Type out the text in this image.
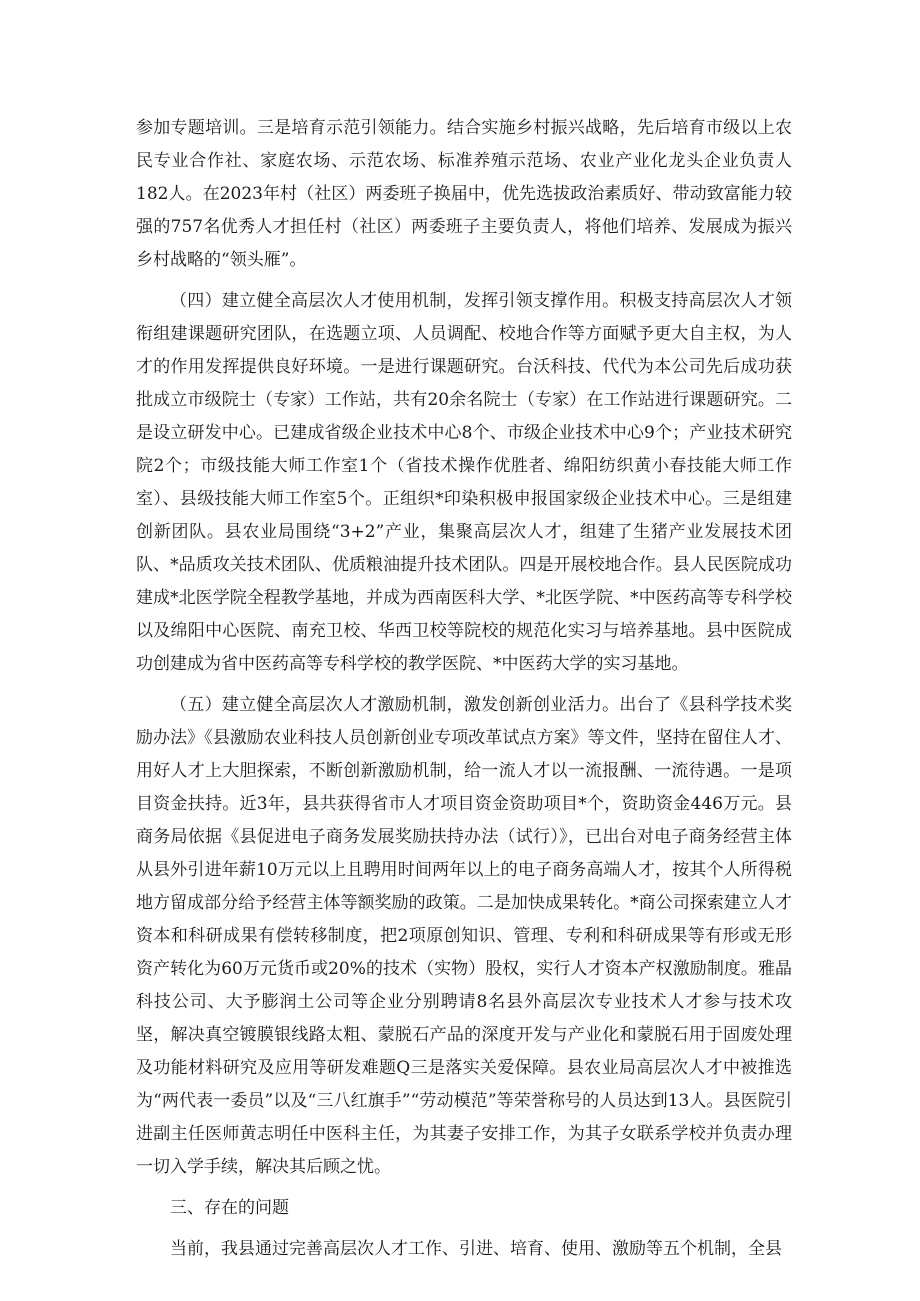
参加专题培训。三是培育示范引领能力。结合实施乡村振兴战略，先后培育市级以上农民专业合作社、家庭农场、示范农场、标准养殖示范场、农业产业化龙头企业负责人182人。在2023年村（社区）两委班子换届中，优先选拔政治素质好、带动致富能力较强的757名优秀人才担任村（社区）两委班子主要负责人，将他们培养、发展成为振兴乡村战略的“领头雁”。

（四）建立健全高层次人才使用机制，发挥引领支撑作用。积极支持高层次人才领衔组建课题研究团队，在选题立项、人员调配、校地合作等方面赋予更大自主权，为人才的作用发挥提供良好环境。一是进行课题研究。台沃科技、代代为本公司先后成功获批成立市级院士（专家）工作站，共有20余名院士（专家）在工作站进行课题研究。二是设立研发中心。已建成省级企业技术中心8个、市级企业技术中心9个；产业技术研究院2个；市级技能大师工作室1个（省技术操作优胜者、绵阳纺织黄小春技能大师工作室）、县级技能大师工作室5个。正组织*印染积极申报国家级企业技术中心。三是组建创新团队。县农业局围绕“3+2”产业，集聚高层次人才，组建了生猪产业发展技术团队、*品质攻关技术团队、优质粮油提升技术团队。四是开展校地合作。县人民医院成功建成*北医学院全程教学基地，并成为西南医科大学、*北医学院、*中医药高等专科学校以及绵阳中心医院、南充卫校、华西卫校等院校的规范化实习与培养基地。县中医院成功创建成为省中医药高等专科学校的教学医院、*中医药大学的实习基地。

（五）建立健全高层次人才激励机制，激发创新创业活力。出台了《县科学技术奖励办法》《县激励农业科技人员创新创业专项改革试点方案》等文件，坚持在留住人才、用好人才上大胆探索，不断创新激励机制，给一流人才以一流报酬、一流待遇。一是项目资金扶持。近3年，县共获得省市人才项目资金资助项目*个，资助资金446万元。县商务局依据《县促进电子商务发展奖励扶持办法（试行）》，已出台对电子商务经营主体从县外引进年薪10万元以上且聘用时间两年以上的电子商务高端人才，按其个人所得税地方留成部分给予经营主体等额奖励的政策。二是加快成果转化。*商公司探索建立人才资本和科研成果有偿转移制度，把2项原创知识、管理、专利和科研成果等有形或无形资产转化为60万元货币或20%的技术（实物）股权，实行人才资本产权激励制度。雅晶科技公司、大予膨润土公司等企业分别聘请8名县外高层次专业技术人才参与技术攻坚，解决真空镀膜银线路太粗、蒙脱石产品的深度开发与产业化和蒙脱石用于固废处理及功能材料研究及应用等研发难题Q三是落实关爱保障。县农业局高层次人才中被推选为“两代表一委员”以及“三八红旗手”“劳动模范”等荣誉称号的人员达到13人。县医院引进副主任医师黄志明任中医科主任，为其妻子安排工作，为其子女联系学校并负责办理一切入学手续，解决其后顾之忧。

三、存在的问题

当前，我县通过完善高层次人才工作、引进、培育、使用、激励等五个机制，全县
